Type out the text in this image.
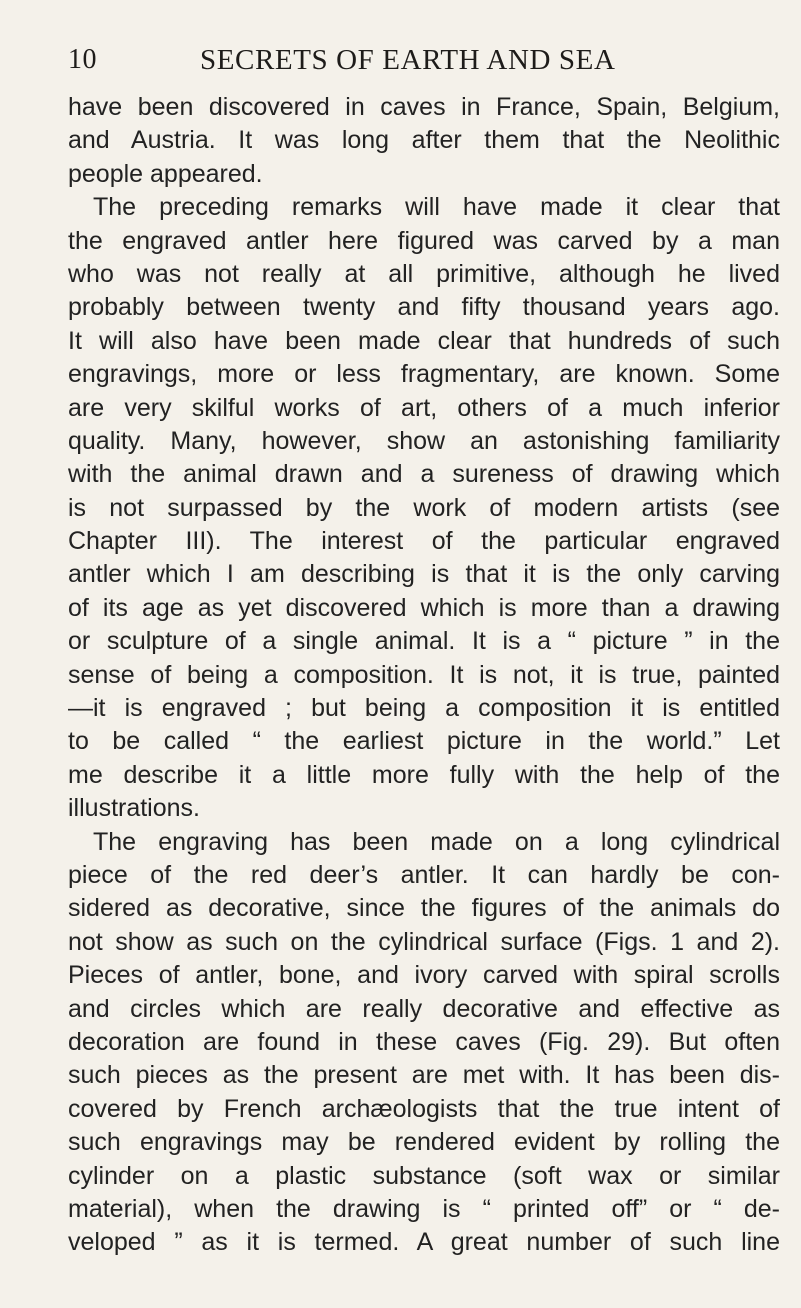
10	SECRETS OF EARTH AND SEA
have been discovered in caves in France, Spain, Belgium,
and Austria. It was long after them that the Neolithic
people appeared.
The preceding remarks will have made it clear that
the engraved antler here figured was carved by a man
who was not really at all primitive, although he lived
probably between twenty and fifty thousand years ago.
It will also have been made clear that hundreds of such
engravings, more or less fragmentary, are known. Some
are very skilful works of art, others of a much inferior
quality. Many, however, show an astonishing familiarity
with the animal drawn and a sureness of drawing which
is not surpassed by the work of modern artists (see
Chapter III). The interest of the particular engraved
antler which I am describing is that it is the only carving
of its age as yet discovered which is more than a drawing
or sculpture of a single animal. It is a “ picture ” in the
sense of being a composition. It is not, it is true, painted
—it is engraved ; but being a composition it is entitled
to be called “ the earliest picture in the world.” Let
me describe it a little more fully with the help of the
illustrations.
The engraving has been made on a long cylindrical
piece of the red deer’s antler. It can hardly be con-
sidered as decorative, since the figures of the animals do
not show as such on the cylindrical surface (Figs. 1 and 2).
Pieces of antler, bone, and ivory carved with spiral scrolls
and circles which are really decorative and effective as
decoration are found in these caves (Fig. 29). But often
such pieces as the present are met with. It has been dis-
covered by French archæologists that the true intent of
such engravings may be rendered evident by rolling the
cylinder on a plastic substance (soft wax or similar
material), when the drawing is “ printed off” or “ de-
veloped ” as it is termed. A great number of such line
